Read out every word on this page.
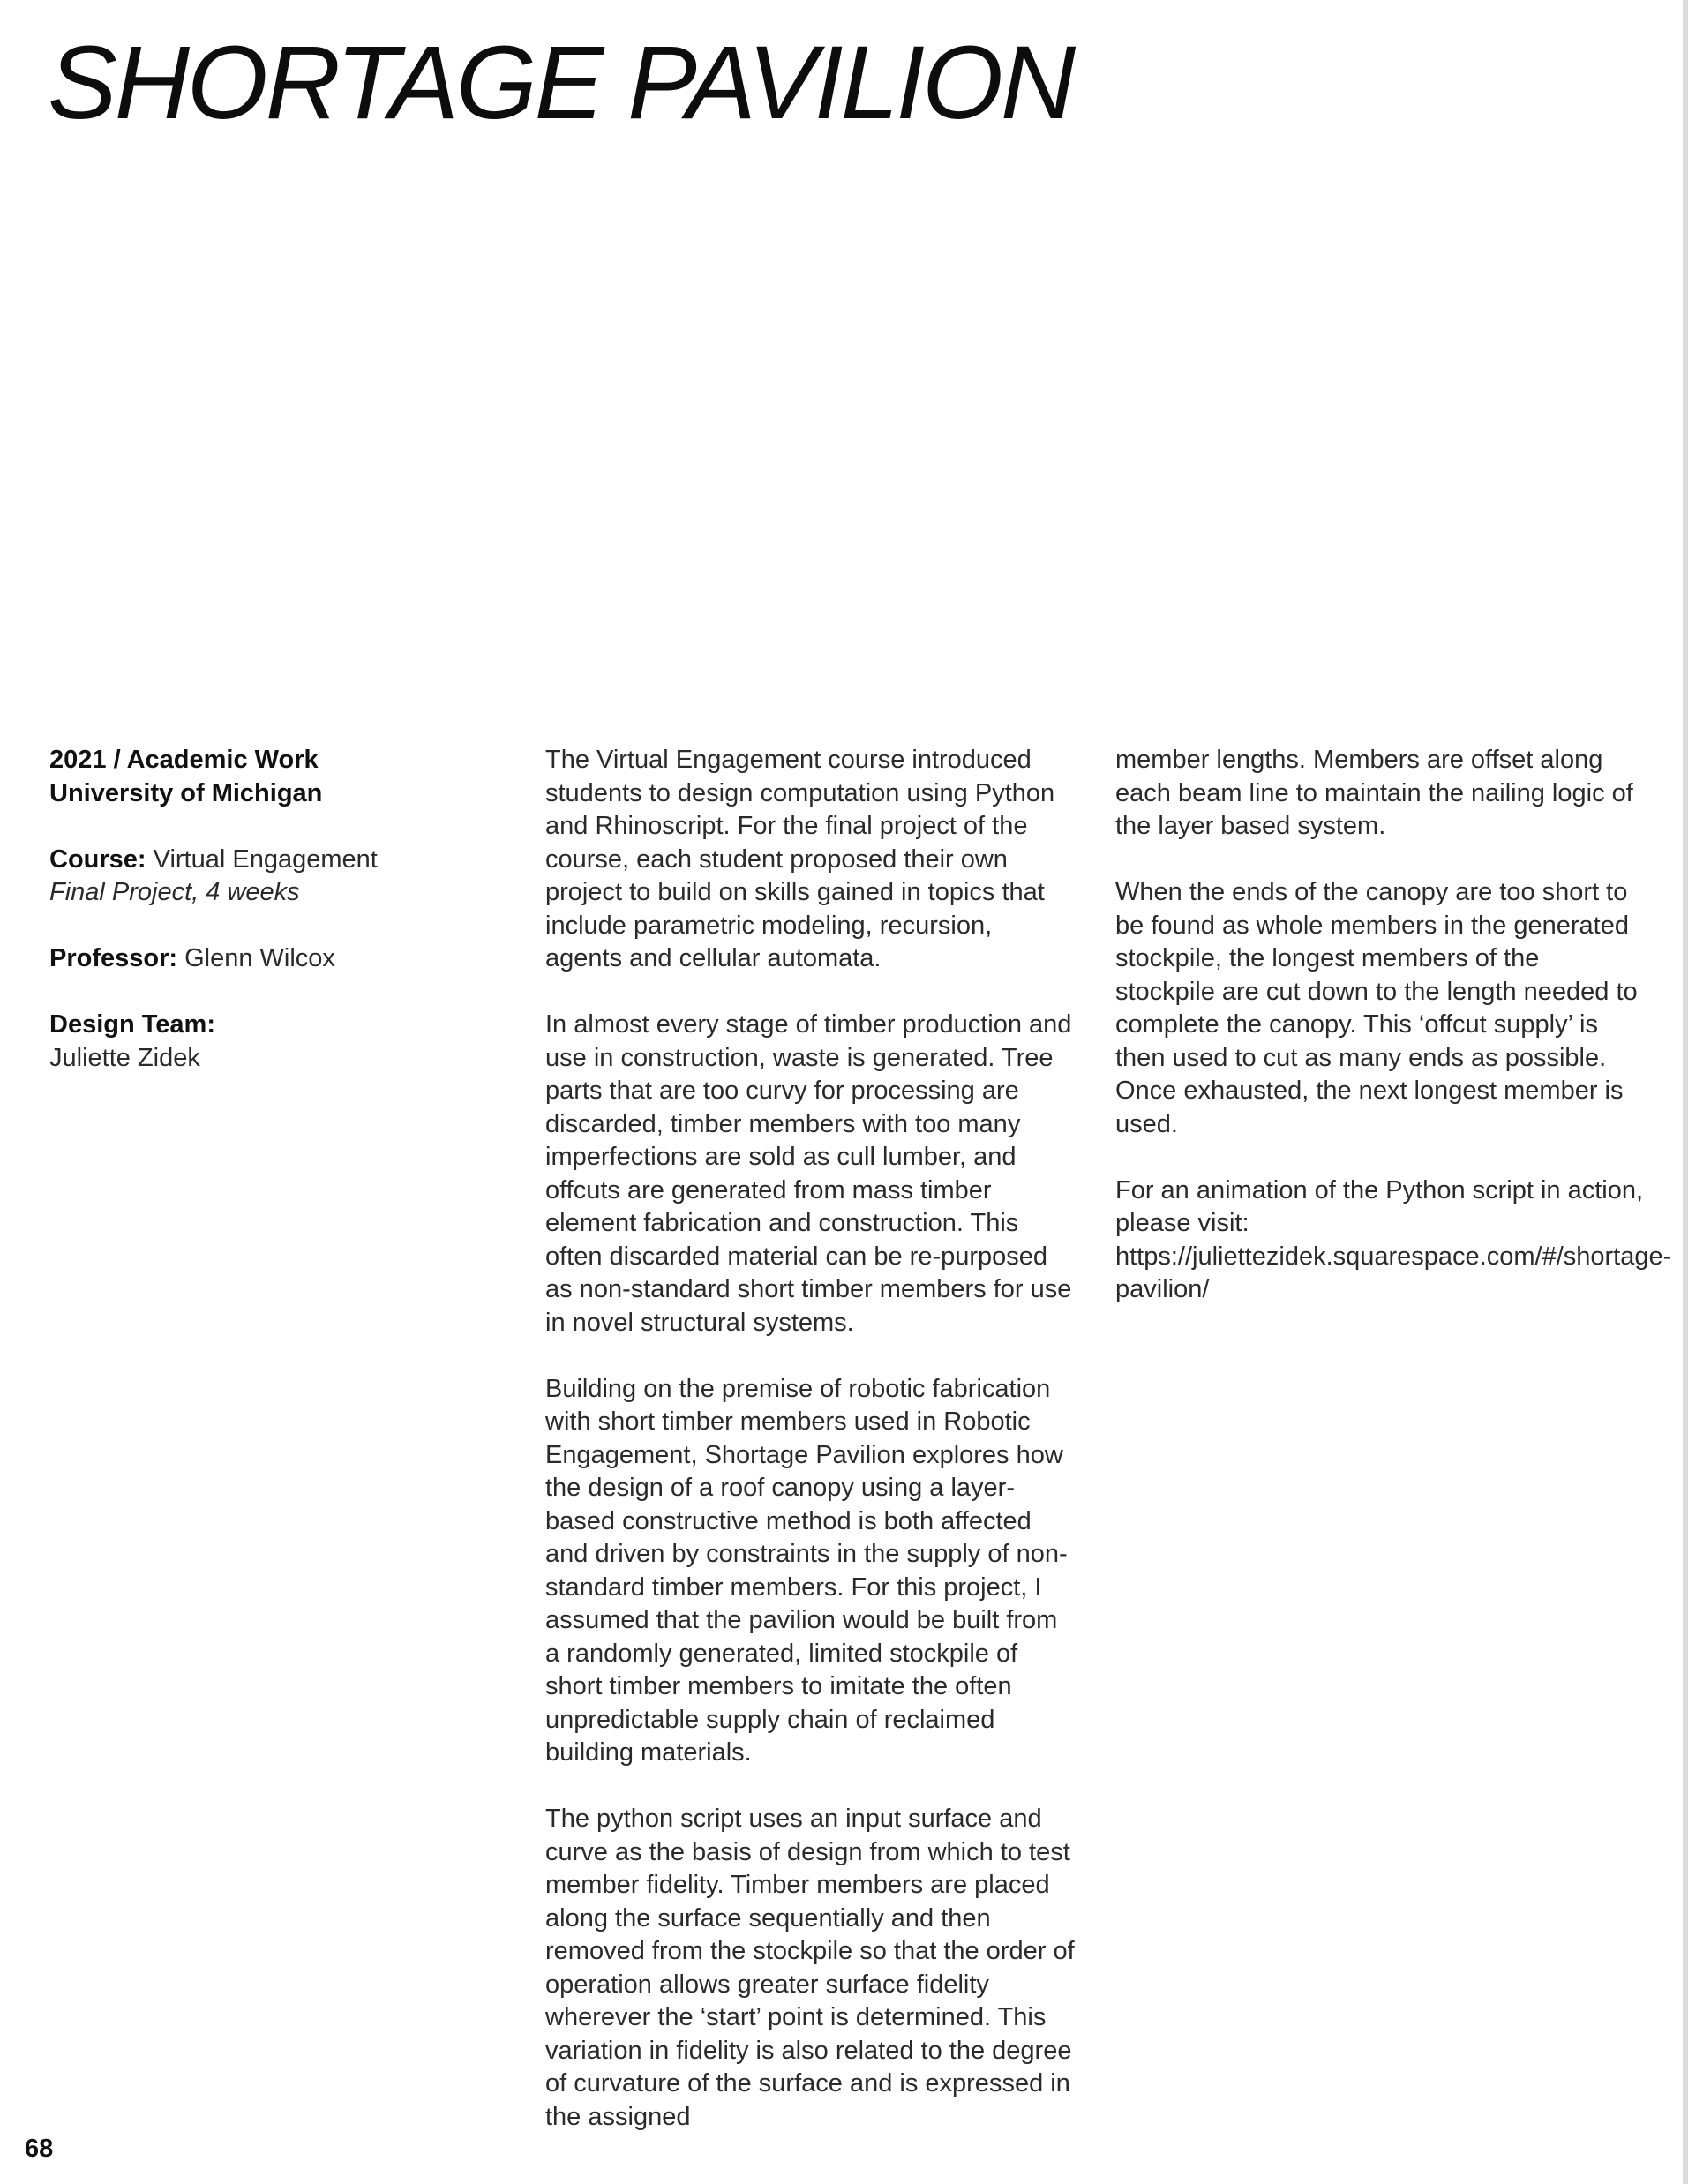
SHORTAGE PAVILION
2021 / Academic Work
University of Michigan
Course: Virtual Engagement
Final Project, 4 weeks
Professor: Glenn Wilcox
Design Team:
Juliette Zidek

The Virtual Engagement course introduced students to design computation using Python and Rhinoscript. For the final project of the course, each student proposed their own project to build on skills gained in topics that include parametric modeling, recursion, agents and cellular automata.

In almost every stage of timber production and use in construction, waste is generated. Tree parts that are too curvy for processing are discarded, timber members with too many imperfections are sold as cull lumber, and offcuts are generated from mass timber element fabrication and construction. This often discarded material can be re-purposed as non-standard short timber members for use in novel structural systems.

Building on the premise of robotic fabrication with short timber members used in Robotic Engagement, Shortage Pavilion explores how the design of a roof canopy using a layer-based constructive method is both affected and driven by constraints in the supply of non-standard timber members. For this project, I assumed that the pavilion would be built from a randomly generated, limited stockpile of short timber members to imitate the often unpredictable supply chain of reclaimed building materials.

The python script uses an input surface and curve as the basis of design from which to test member fidelity. Timber members are placed along the surface sequentially and then removed from the stockpile so that the order of operation allows greater surface fidelity wherever the ‘start’ point is determined. This variation in fidelity is also related to the degree of curvature of the surface and is expressed in the assigned

member lengths. Members are offset along each beam line to maintain the nailing logic of the layer based system.

When the ends of the canopy are too short to be found as whole members in the generated stockpile, the longest members of the stockpile are cut down to the length needed to complete the canopy. This ‘offcut supply’ is then used to cut as many ends as possible. Once exhausted, the next longest member is used.

For an animation of the Python script in action, please visit: https://juliettezidek.squarespace.com/#/shortage-pavilion/

68
